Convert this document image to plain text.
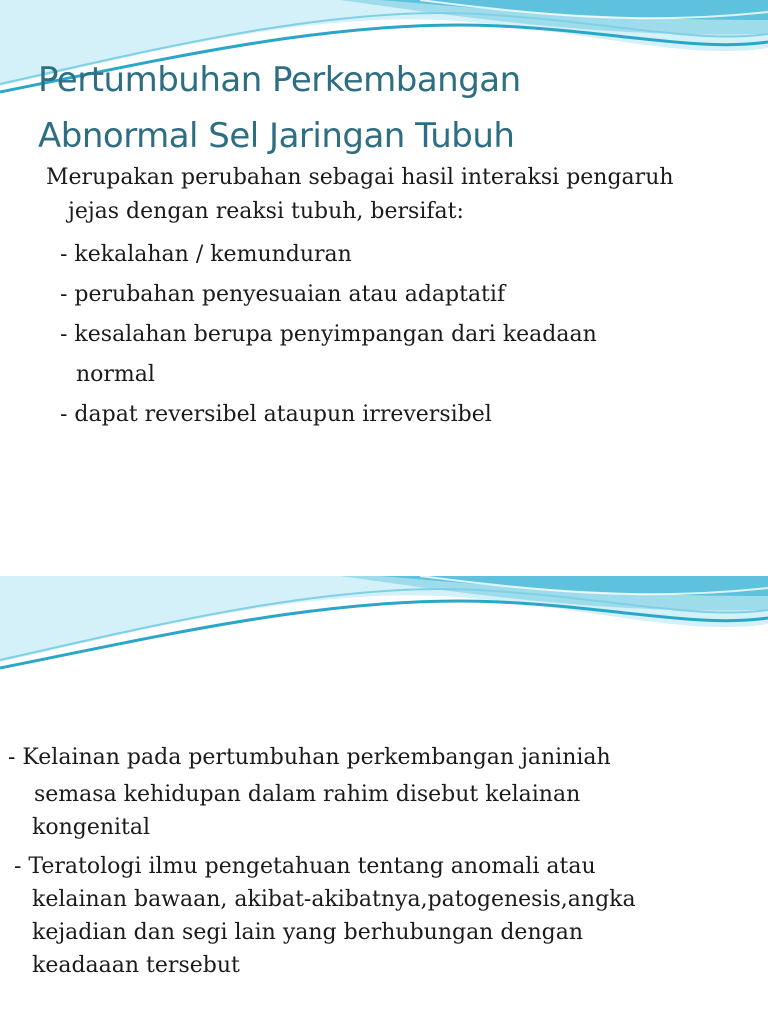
Pertumbuhan Perkembangan
Abnormal Sel Jaringan Tubuh
Merupakan perubahan sebagai hasil interaksi pengaruh
jejas dengan reaksi tubuh, bersifat:
- kekalahan / kemunduran
- perubahan penyesuaian atau adaptatif
- kesalahan berupa penyimpangan dari keadaan
normal
- dapat reversibel ataupun irreversibel
- Kelainan pada pertumbuhan perkembangan janiniah
semasa kehidupan dalam rahim disebut kelainan
kongenital
- Teratologi ilmu pengetahuan tentang anomali atau
kelainan bawaan, akibat-akibatnya,patogenesis,angka
kejadian dan segi lain yang berhubungan dengan
keadaaan tersebut
